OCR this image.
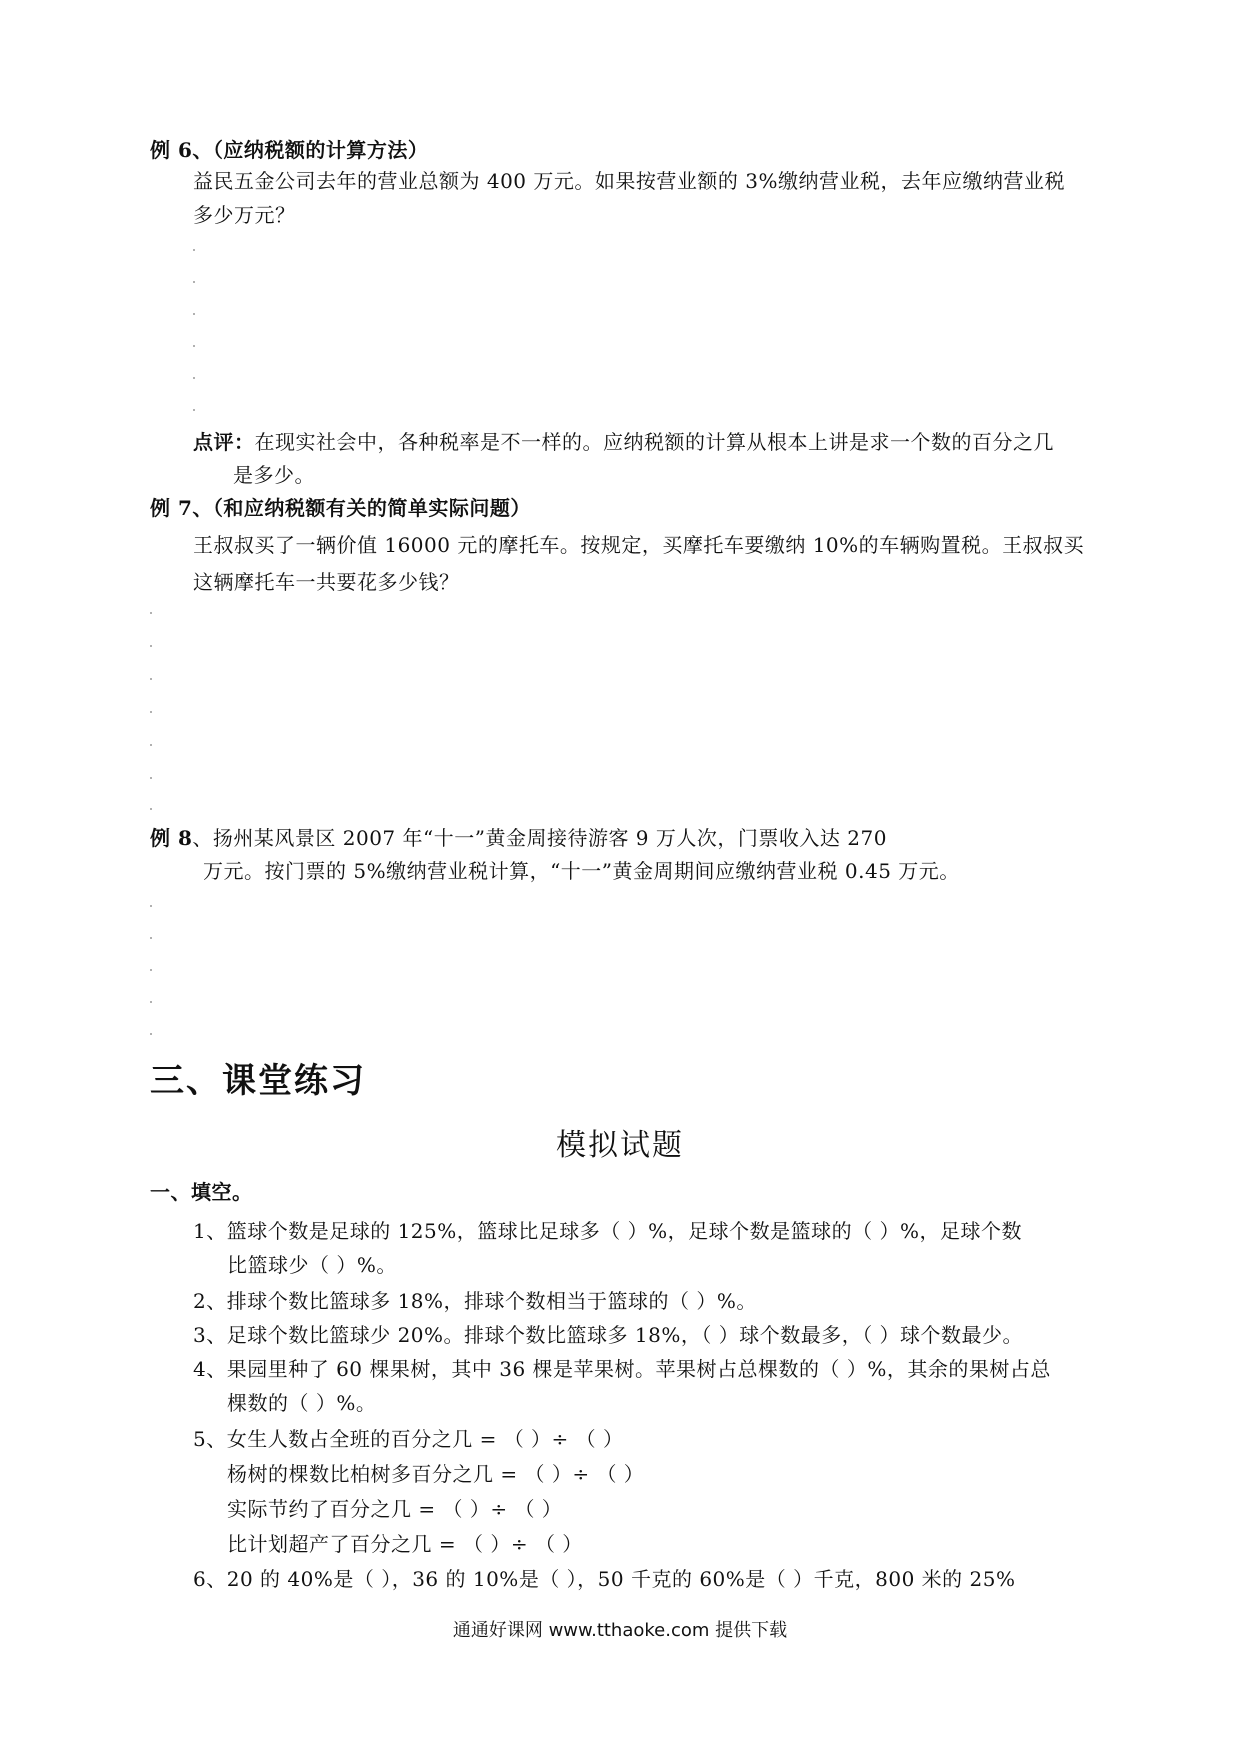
例 6、（应纳税额的计算方法）
益民五金公司去年的营业总额为 400 万元。如果按营业额的 3%缴纳营业税，去年应缴纳营业税
多少万元？
点评：在现实社会中，各种税率是不一样的。应纳税额的计算从根本上讲是求一个数的百分之几
是多少。
例 7、（和应纳税额有关的简单实际问题）
王叔叔买了一辆价值 16000 元的摩托车。按规定，买摩托车要缴纳 10%的车辆购置税。王叔叔买
这辆摩托车一共要花多少钱？
例 8、扬州某风景区 2007 年“十一”黄金周接待游客 9 万人次，门票收入达 270
万元。按门票的 5%缴纳营业税计算，“十一”黄金周期间应缴纳营业税 0.45 万元。
三、课堂练习
模拟试题
一、填空。
1、篮球个数是足球的 125%，篮球比足球多（ ）%，足球个数是篮球的（ ）%，足球个数
比篮球少（ ）%。
2、排球个数比篮球多 18%，排球个数相当于篮球的（ ）%。
3、足球个数比篮球少 20%。排球个数比篮球多 18%，（ ）球个数最多，（ ）球个数最少。
4、果园里种了 60 棵果树，其中 36 棵是苹果树。苹果树占总棵数的（ ）%，其余的果树占总
棵数的（ ）%。
5、女生人数占全班的百分之几 = （ ）÷ （ ）
杨树的棵数比柏树多百分之几 = （ ）÷ （ ）
实际节约了百分之几 = （ ）÷ （ ）
比计划超产了百分之几 = （ ）÷ （ ）
6、20 的 40%是（ ），36 的 10%是（ ），50 千克的 60%是（ ）千克，800 米的 25%
通通好课网 www.tthaoke.com 提供下载
